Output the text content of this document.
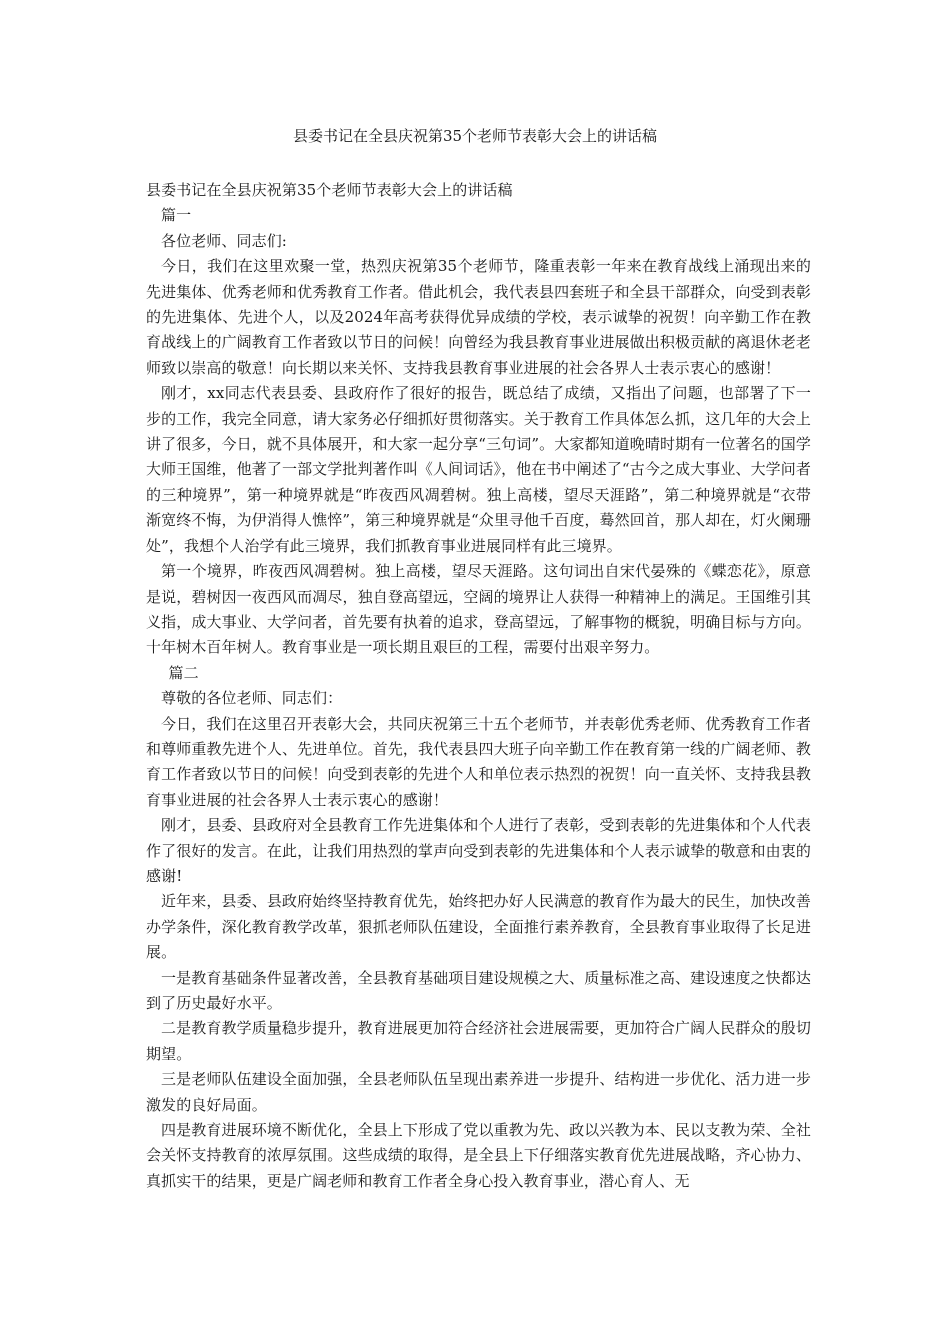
县委书记在全县庆祝第35个老师节表彰大会上的讲话稿

县委书记在全县庆祝第35个老师节表彰大会上的讲话稿

篇一

各位老师、同志们:

今日，我们在这里欢聚一堂，热烈庆祝第35个老师节，隆重表彰一年来在教育战线上涌现出来的先进集体、优秀老师和优秀教育工作者。借此机会，我代表县四套班子和全县干部群众，向受到表彰的先进集体、先进个人，以及2024年高考获得优异成绩的学校，表示诚挚的祝贺！向辛勤工作在教育战线上的广阔教育工作者致以节日的问候！向曾经为我县教育事业进展做出积极贡献的离退休老老师致以崇高的敬意！向长期以来关怀、支持我县教育事业进展的社会各界人士表示衷心的感谢！

刚才，xx同志代表县委、县政府作了很好的报告，既总结了成绩，又指出了问题，也部署了下一步的工作，我完全同意，请大家务必仔细抓好贯彻落实。关于教育工作具体怎么抓，这几年的大会上讲了很多，今日，就不具体展开，和大家一起分享“三句词”。大家都知道晚晴时期有一位著名的国学大师王国维，他著了一部文学批判著作叫《人间词话》，他在书中阐述了“古今之成大事业、大学问者的三种境界”，第一种境界就是“昨夜西风凋碧树。独上高楼，望尽天涯路”，第二种境界就是“衣带渐宽终不悔，为伊消得人憔悴”，第三种境界就是“众里寻他千百度，蓦然回首，那人却在，灯火阑珊处”，我想个人治学有此三境界，我们抓教育事业进展同样有此三境界。

第一个境界，昨夜西风凋碧树。独上高楼，望尽天涯路。这句词出自宋代晏殊的《蝶恋花》，原意是说，碧树因一夜西风而凋尽，独自登高望远，空阔的境界让人获得一种精神上的满足。王国维引其义指，成大事业、大学问者，首先要有执着的追求，登高望远，了解事物的概貌，明确目标与方向。十年树木百年树人。教育事业是一项长期且艰巨的工程，需要付出艰辛努力。

篇二

尊敬的各位老师、同志们：

今日，我们在这里召开表彰大会，共同庆祝第三十五个老师节，并表彰优秀老师、优秀教育工作者和尊师重教先进个人、先进单位。首先，我代表县四大班子向辛勤工作在教育第一线的广阔老师、教育工作者致以节日的问候！向受到表彰的先进个人和单位表示热烈的祝贺！向一直关怀、支持我县教育事业进展的社会各界人士表示衷心的感谢！

刚才，县委、县政府对全县教育工作先进集体和个人进行了表彰，受到表彰的先进集体和个人代表作了很好的发言。在此，让我们用热烈的掌声向受到表彰的先进集体和个人表示诚挚的敬意和由衷的感谢!

近年来，县委、县政府始终坚持教育优先，始终把办好人民满意的教育作为最大的民生，加快改善办学条件，深化教育教学改革，狠抓老师队伍建设，全面推行素养教育，全县教育事业取得了长足进展。

一是教育基础条件显著改善，全县教育基础项目建设规模之大、质量标准之高、建设速度之快都达到了历史最好水平。

二是教育教学质量稳步提升，教育进展更加符合经济社会进展需要，更加符合广阔人民群众的殷切期望。

三是老师队伍建设全面加强，全县老师队伍呈现出素养进一步提升、结构进一步优化、活力进一步激发的良好局面。

四是教育进展环境不断优化，全县上下形成了党以重教为先、政以兴教为本、民以支教为荣、全社会关怀支持教育的浓厚氛围。这些成绩的取得，是全县上下仔细落实教育优先进展战略，齐心协力、真抓实干的结果，更是广阔老师和教育工作者全身心投入教育事业，潜心育人、无
